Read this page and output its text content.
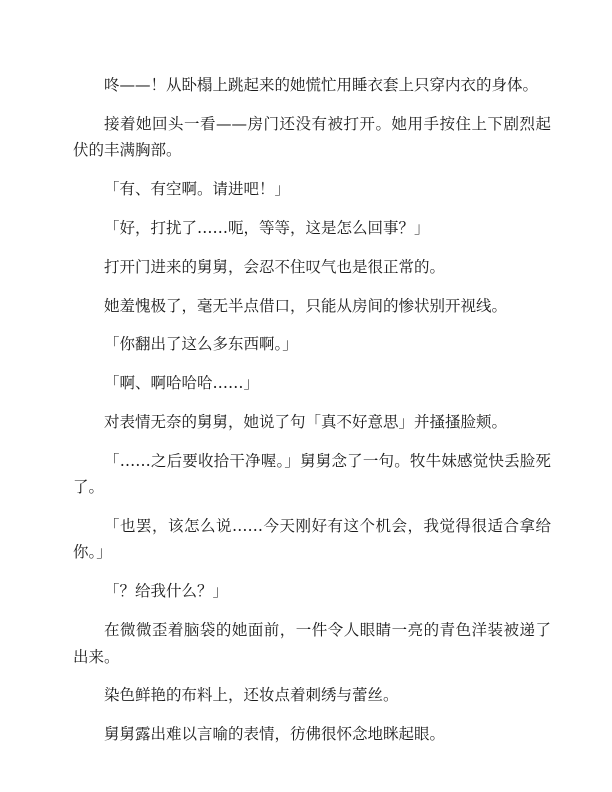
咚——！从卧榻上跳起来的她慌忙用睡衣套上只穿内衣的身体。

接着她回头一看——房门还没有被打开。她用手按住上下剧烈起伏的丰满胸部。

「有、有空啊。请进吧！」

「好，打扰了……呃，等等，这是怎么回事？」

打开门进来的舅舅，会忍不住叹气也是很正常的。

她羞愧极了，毫无半点借口，只能从房间的惨状别开视线。

「你翻出了这么多东西啊。」

「啊、啊哈哈哈……」

对表情无奈的舅舅，她说了句「真不好意思」并搔搔脸颊。

「……之后要收拾干净喔。」舅舅念了一句。牧牛妹感觉快丢脸死了。

「也罢，该怎么说……今天刚好有这个机会，我觉得很适合拿给你。」

「？给我什么？」

在微微歪着脑袋的她面前，一件令人眼睛一亮的青色洋装被递了出来。

染色鲜艳的布料上，还妆点着刺绣与蕾丝。

舅舅露出难以言喻的表情，彷佛很怀念地眯起眼。
